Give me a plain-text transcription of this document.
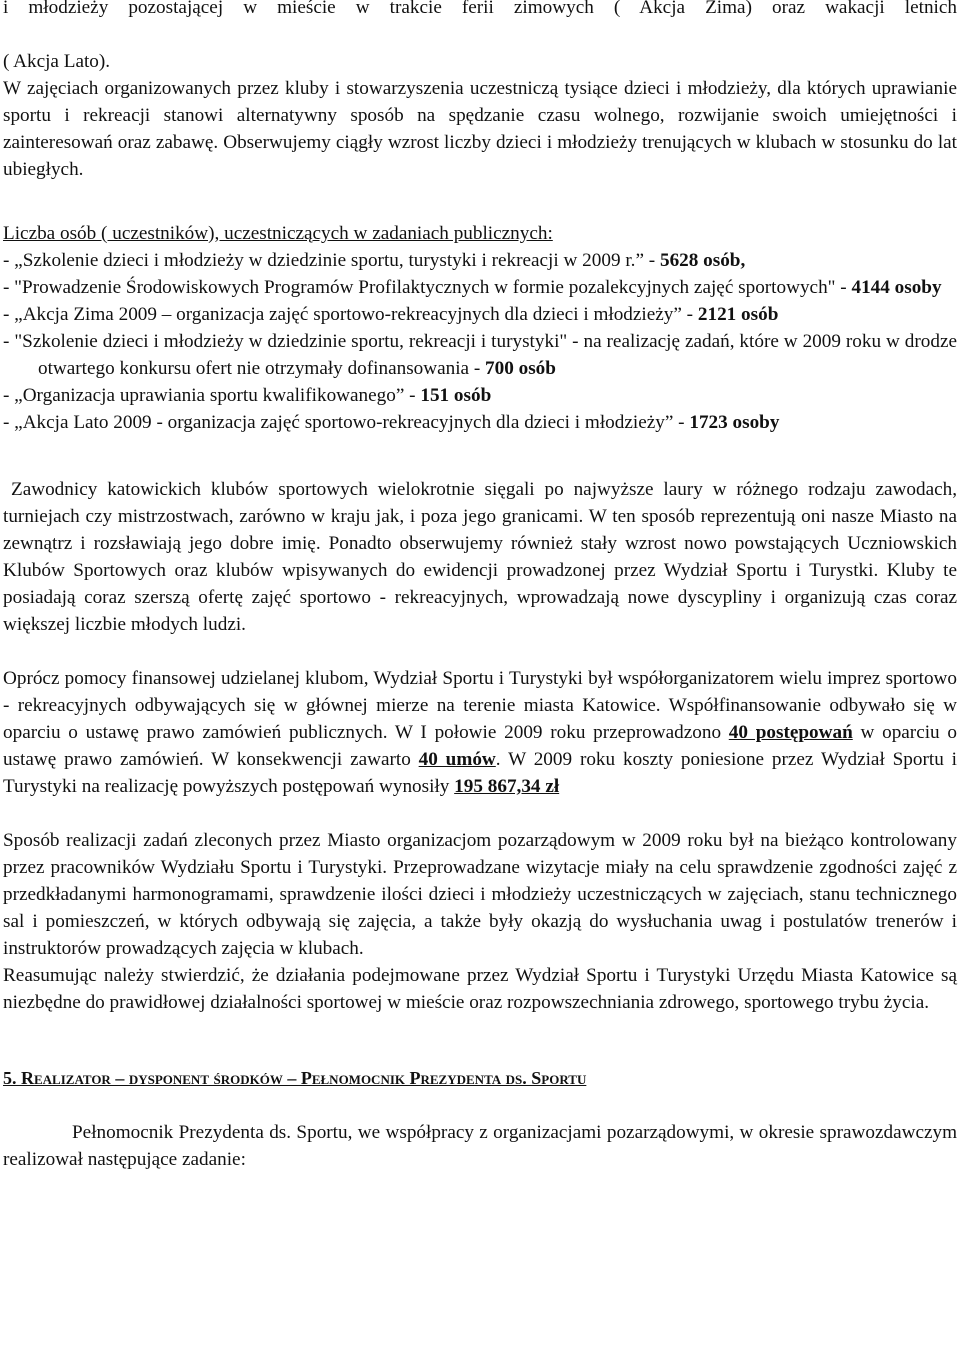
i młodzieży pozostającej w mieście w trakcie ferii zimowych ( Akcja Zima) oraz wakacji letnich

( Akcja Lato).

W zajęciach organizowanych przez kluby i stowarzyszenia uczestniczą tysiące dzieci i młodzieży, dla których uprawianie sportu i rekreacji stanowi alternatywny sposób na spędzanie czasu wolnego, rozwijanie swoich umiejętności i zainteresowań oraz zabawę. Obserwujemy ciągły wzrost liczby dzieci i młodzieży trenujących w klubach w stosunku do lat ubiegłych.

Liczba osób ( uczestników), uczestniczących w zadaniach publicznych:

- „Szkolenie dzieci i młodzieży w dziedzinie sportu, turystyki i rekreacji w 2009 r.” - 5628 osób,

- "Prowadzenie Środowiskowych Programów Profilaktycznych w formie pozalekcyjnych zajęć sportowych" - 4144 osoby

- „Akcja Zima 2009 – organizacja zajęć sportowo-rekreacyjnych dla dzieci i młodzieży” - 2121 osób

- "Szkolenie dzieci i młodzieży w dziedzinie sportu, rekreacji i turystyki" - na realizację zadań, które w 2009 roku w drodze otwartego konkursu ofert nie otrzymały dofinansowania - 700 osób

- „Organizacja uprawiania sportu kwalifikowanego” - 151 osób

- „Akcja Lato 2009 - organizacja zajęć sportowo-rekreacyjnych dla dzieci i młodzieży” - 1723 osoby

Zawodnicy katowickich klubów sportowych wielokrotnie sięgali po najwyższe laury w różnego rodzaju zawodach, turniejach czy mistrzostwach, zarówno w kraju jak, i poza jego granicami. W ten sposób reprezentują oni nasze Miasto na zewnątrz i rozsławiają jego dobre imię. Ponadto obserwujemy również stały wzrost nowo powstających Uczniowskich Klubów Sportowych oraz klubów wpisywanych do ewidencji prowadzonej przez Wydział Sportu i Turystki. Kluby te posiadają coraz szerszą ofertę zajęć sportowo - rekreacyjnych, wprowadzają nowe dyscypliny i organizują czas coraz większej liczbie młodych ludzi.

Oprócz pomocy finansowej udzielanej klubom, Wydział Sportu i Turystyki był współorganizatorem wielu imprez sportowo - rekreacyjnych odbywających się w głównej mierze na terenie miasta Katowice. Współfinansowanie odbywało się w oparciu o ustawę prawo zamówień publicznych. W I połowie 2009 roku przeprowadzono 40 postępowań w oparciu o ustawę prawo zamówień. W konsekwencji zawarto 40 umów. W 2009 roku koszty poniesione przez Wydział Sportu i Turystyki na realizację powyższych postępowań wynosiły 195 867,34 zł

Sposób realizacji zadań zleconych przez Miasto organizacjom pozarządowym w 2009 roku był na bieżąco kontrolowany przez pracowników Wydziału Sportu i Turystyki. Przeprowadzane wizytacje miały na celu sprawdzenie zgodności zajęć z przedkładanymi harmonogramami, sprawdzenie ilości dzieci i młodzieży uczestniczących w zajęciach, stanu technicznego sal i pomieszczeń, w których odbywają się zajęcia, a także były okazją do wysłuchania uwag i postulatów trenerów i instruktorów prowadzących zajęcia w klubach.

Reasumując należy stwierdzić, że działania podejmowane przez Wydział Sportu i Turystyki Urzędu Miasta Katowice są niezbędne do prawidłowej działalności sportowej w mieście oraz rozpowszechniania zdrowego, sportowego trybu życia.

5. Realizator – dysponent środków – Pełnomocnik Prezydenta ds. Sportu

Pełnomocnik Prezydenta ds. Sportu, we współpracy z organizacjami pozarządowymi, w okresie sprawozdawczym realizował następujące zadanie:
